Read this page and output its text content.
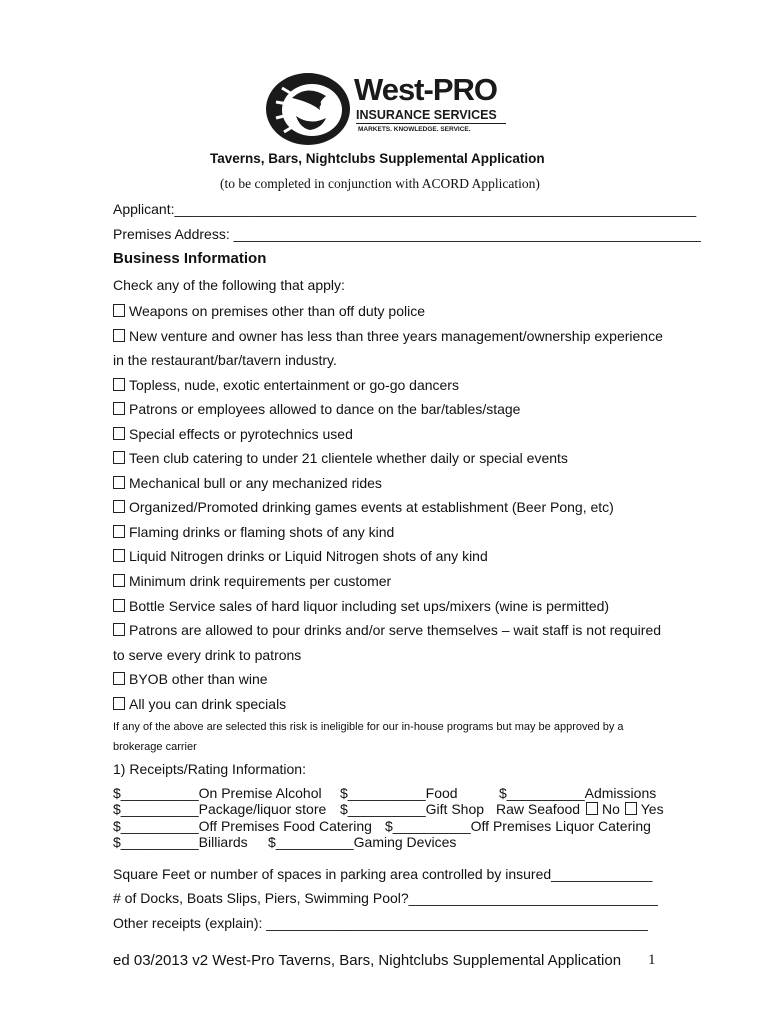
West-PRO
INSURANCE SERVICES
MARKETS. KNOWLEDGE. SERVICE.
Taverns, Bars, Nightclubs Supplemental Application
(to be completed in conjunction with ACORD Application)
Applicant:___________________________________________________________________
Premises Address: ____________________________________________________________
Business Information
Check any of the following that apply:
Weapons on premises other than off duty police
New venture and owner has less than three years management/ownership experience
in the restaurant/bar/tavern industry.
Topless, nude, exotic entertainment or go-go dancers
Patrons or employees allowed to dance on the bar/tables/stage
Special effects or pyrotechnics used
Teen club catering to under 21 clientele whether daily or special events
Mechanical bull or any mechanized rides
Organized/Promoted drinking games events at establishment (Beer Pong, etc)
Flaming drinks or flaming shots of any kind
Liquid Nitrogen drinks or Liquid Nitrogen shots of any kind
Minimum drink requirements per customer
Bottle Service sales of hard liquor including set ups/mixers (wine is permitted)
Patrons are allowed to pour drinks and/or serve themselves – wait staff is not required
to serve every drink to patrons
BYOB other than wine
All you can drink specials
If any of the above are selected this risk is ineligible for our in-house programs but may be approved by a
brokerage carrier
1) Receipts/Rating Information:
$__________On Premise Alcohol $__________Food	$__________Admissions
$__________Package/liquor store $__________Gift Shop Raw Seafood No Yes
$__________Off Premises Food Catering $__________Off Premises Liquor Catering
$__________Billiards $__________Gaming Devices
Square Feet or number of spaces in parking area controlled by insured_____________
# of Docks, Boats Slips, Piers, Swimming Pool?________________________________
Other receipts (explain): _________________________________________________
ed 03/2013 v2 West-Pro Taverns, Bars, Nightclubs Supplemental Application 1
